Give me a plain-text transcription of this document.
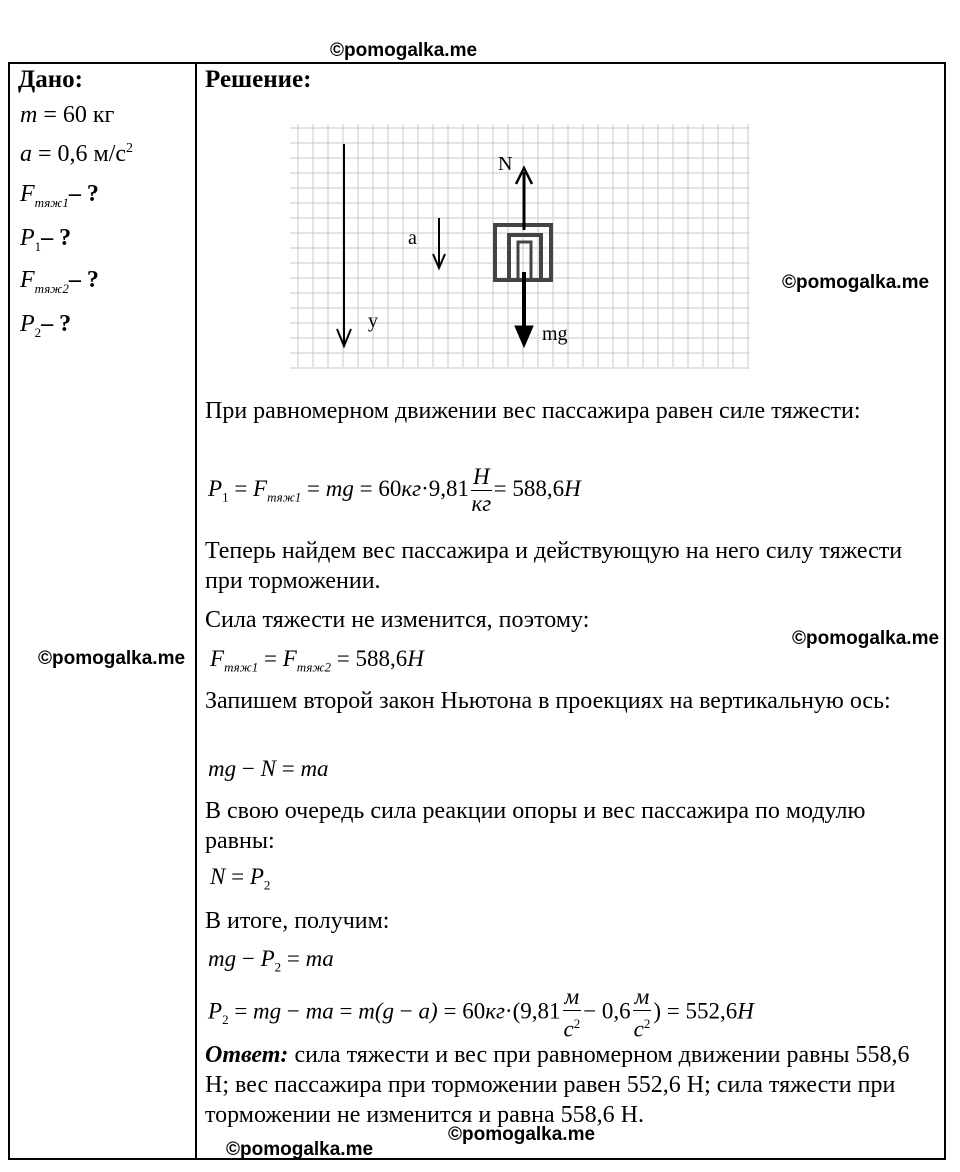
©pomogalka.me
©pomogalka.me
©pomogalka.me
©pomogalka.me
©pomogalka.me
©pomogalka.me
Дано:
m = 60 кг
a = 0,6 $м/с^2$
$F_{тяж1}-$ ?
$P_1-$ ?
$F_{тяж2}-$ ?
$P_2-$ ?
Решение:
y
a
N
mg
При равномерном движении вес пассажира равен силе тяжести:
$P_1 = F_{тяж1}$ = mg = $60кг\cdot 9,81 \frac{Н}{кг} = 588,6Н$
Теперь найдем вес пассажира и действующую на него силу тяжести при торможении.
Сила тяжести не изменится, поэтому:
$F_{тяж1} = F_{тяж2} = 588,6Н$
Запишем второй закон Ньютона в проекциях на вертикальную ось:
mg − N = ma
В свою очередь сила реакции опоры и вес пассажира по модулю равны:
$N = P_2$
В итоге, получим:
mg − $P_2$ = ma
$P_2$ = mg − ma = $m(g - a) = 60кг\cdot(9,81 \frac{м}{с^2} - 0,6 \frac{м}{с^2}$ ) = 552,6Н
Ответ: сила тяжести и вес при равномерном движении равны 558,6 Н; вес пассажира при торможении равен 552,6 Н; сила тяжести при торможении не изменится и равна 558,6 Н.
